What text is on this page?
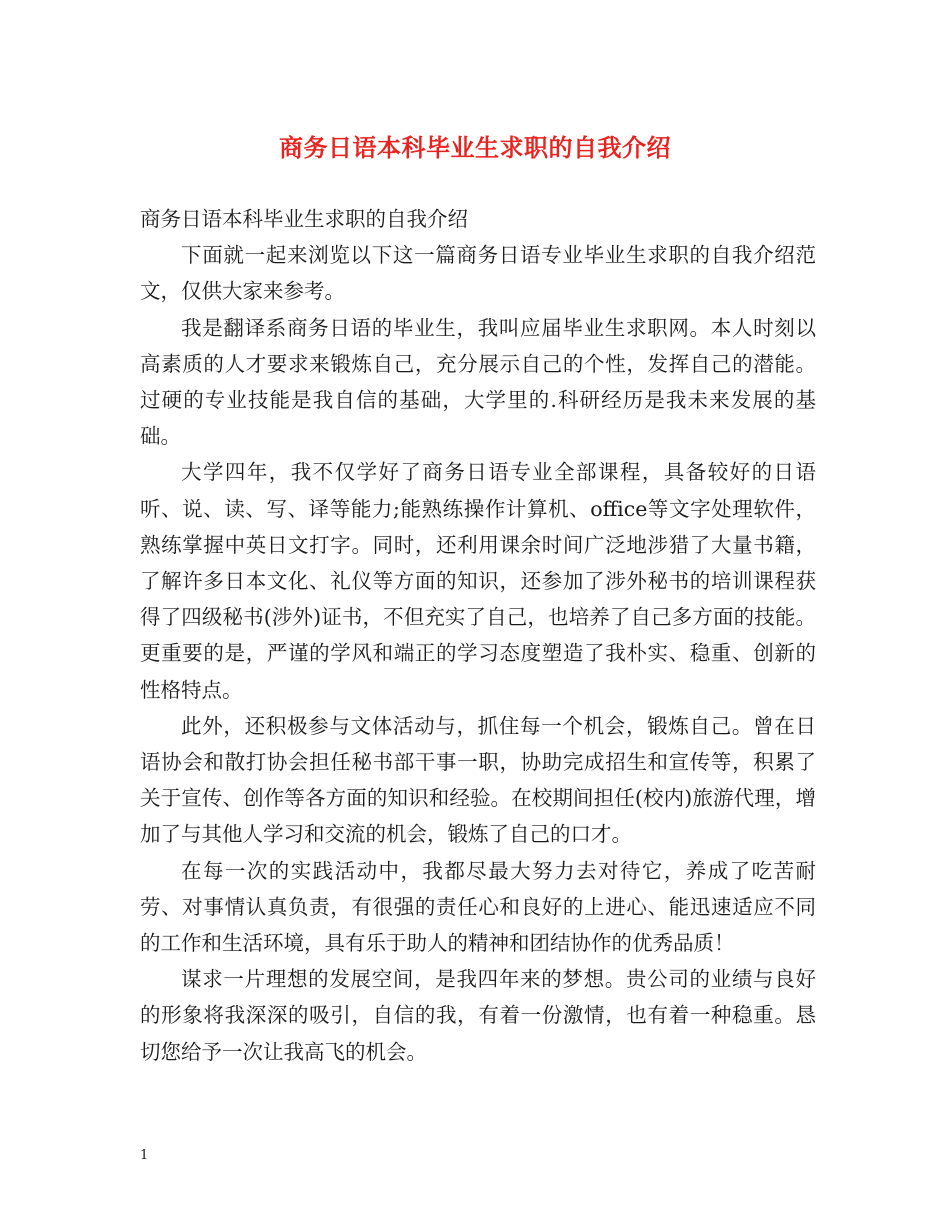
商务日语本科毕业生求职的自我介绍

商务日语本科毕业生求职的自我介绍

下面就一起来浏览以下这一篇商务日语专业毕业生求职的自我介绍范文，仅供大家来参考。

我是翻译系商务日语的毕业生，我叫应届毕业生求职网。本人时刻以高素质的人才要求来锻炼自己，充分展示自己的个性，发挥自己的潜能。过硬的专业技能是我自信的基础，大学里的.科研经历是我未来发展的基础。

大学四年，我不仅学好了商务日语专业全部课程，具备较好的日语听、说、读、写、译等能力;能熟练操作计算机、office等文字处理软件，熟练掌握中英日文打字。同时，还利用课余时间广泛地涉猎了大量书籍，了解许多日本文化、礼仪等方面的知识，还参加了涉外秘书的培训课程获得了四级秘书(涉外)证书，不但充实了自己，也培养了自己多方面的技能。更重要的是，严谨的学风和端正的学习态度塑造了我朴实、稳重、创新的性格特点。

此外，还积极参与文体活动与，抓住每一个机会，锻炼自己。曾在日语协会和散打协会担任秘书部干事一职，协助完成招生和宣传等，积累了关于宣传、创作等各方面的知识和经验。在校期间担任(校内)旅游代理，增加了与其他人学习和交流的机会，锻炼了自己的口才。

在每一次的实践活动中，我都尽最大努力去对待它，养成了吃苦耐劳、对事情认真负责，有很强的责任心和良好的上进心、能迅速适应不同的工作和生活环境，具有乐于助人的精神和团结协作的优秀品质！

谋求一片理想的发展空间，是我四年来的梦想。贵公司的业绩与良好的形象将我深深的吸引，自信的我，有着一份激情，也有着一种稳重。恳切您给予一次让我高飞的机会。

1
